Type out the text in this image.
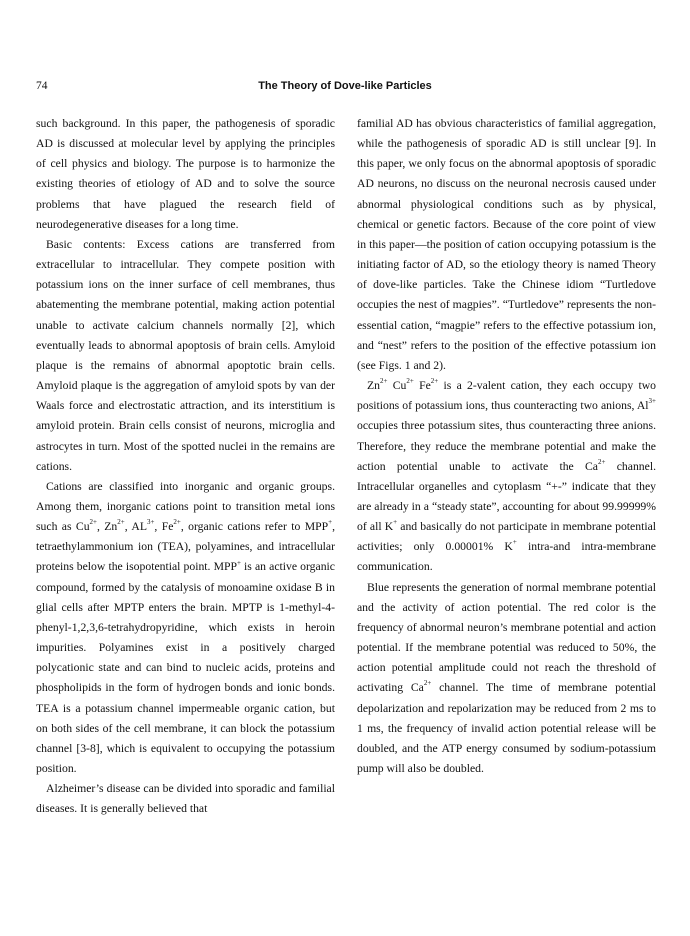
74	The Theory of Dove-like Particles

such background. In this paper, the pathogenesis of sporadic AD is discussed at molecular level by applying the principles of cell physics and biology. The purpose is to harmonize the existing theories of etiology of AD and to solve the source problems that have plagued the research field of neurodegenerative diseases for a long time.

Basic contents: Excess cations are transferred from extracellular to intracellular. They compete position with potassium ions on the inner surface of cell membranes, thus abatementing the membrane potential, making action potential unable to activate calcium channels normally [2], which eventually leads to abnormal apoptosis of brain cells. Amyloid plaque is the remains of abnormal apoptotic brain cells. Amyloid plaque is the aggregation of amyloid spots by van der Waals force and electrostatic attraction, and its interstitium is amyloid protein. Brain cells consist of neurons, microglia and astrocytes in turn. Most of the spotted nuclei in the remains are cations.

Cations are classified into inorganic and organic groups. Among them, inorganic cations point to transition metal ions such as $Cu^{2+}$, $Zn^{2+}$, $AL^{3+}$, $Fe^{2+}$, organic cations refer to MPP+, tetraethylammonium ion (TEA), polyamines, and intracellular proteins below the isopotential point. MPP+ is an active organic compound, formed by the catalysis of monoamine oxidase B in glial cells after MPTP enters the brain. MPTP is 1-methyl-4-phenyl-1,2,3,6-tetrahydropyridine, which exists in heroin impurities. Polyamines exist in a positively charged polycationic state and can bind to nucleic acids, proteins and phospholipids in the form of hydrogen bonds and ionic bonds. TEA is a potassium channel impermeable organic cation, but on both sides of the cell membrane, it can block the potassium channel [3-8], which is equivalent to occupying the potassium position.

Alzheimer’s disease can be divided into sporadic and familial diseases. It is generally believed that

familial AD has obvious characteristics of familial aggregation, while the pathogenesis of sporadic AD is still unclear [9]. In this paper, we only focus on the abnormal apoptosis of sporadic AD neurons, no discuss on the neuronal necrosis caused under abnormal physiological conditions such as by physical, chemical or genetic factors. Because of the core point of view in this paper—the position of cation occupying potassium is the initiating factor of AD, so the etiology theory is named Theory of dove-like particles. Take the Chinese idiom “Turtledove occupies the nest of magpies”. “Turtledove” represents the non-essential cation, “magpie” refers to the effective potassium ion, and “nest” refers to the position of the effective potassium ion (see Figs. 1 and 2).

$Zn^{2+}$ $Cu^{2+}$ $Fe^{2+}$ is a 2-valent cation, they each occupy two positions of potassium ions, thus counteracting two anions, $Al^{3+}$ occupies three potassium sites, thus counteracting three anions. Therefore, they reduce the membrane potential and make the action potential unable to activate the $Ca^{2+}$ channel. Intracellular organelles and cytoplasm “+-” indicate that they are already in a “steady state”, accounting for about 99.99999% of all K+ and basically do not participate in membrane potential activities; only 0.00001% K+ intra-and intra-membrane communication.

Blue represents the generation of normal membrane potential and the activity of action potential. The red color is the frequency of abnormal neuron’s membrane potential and action potential. If the membrane potential was reduced to 50%, the action potential amplitude could not reach the threshold of activating $Ca^{2+}$ channel. The time of membrane potential depolarization and repolarization may be reduced from 2 ms to 1 ms, the frequency of invalid action potential release will be doubled, and the ATP energy consumed by sodium-potassium pump will also be doubled.
